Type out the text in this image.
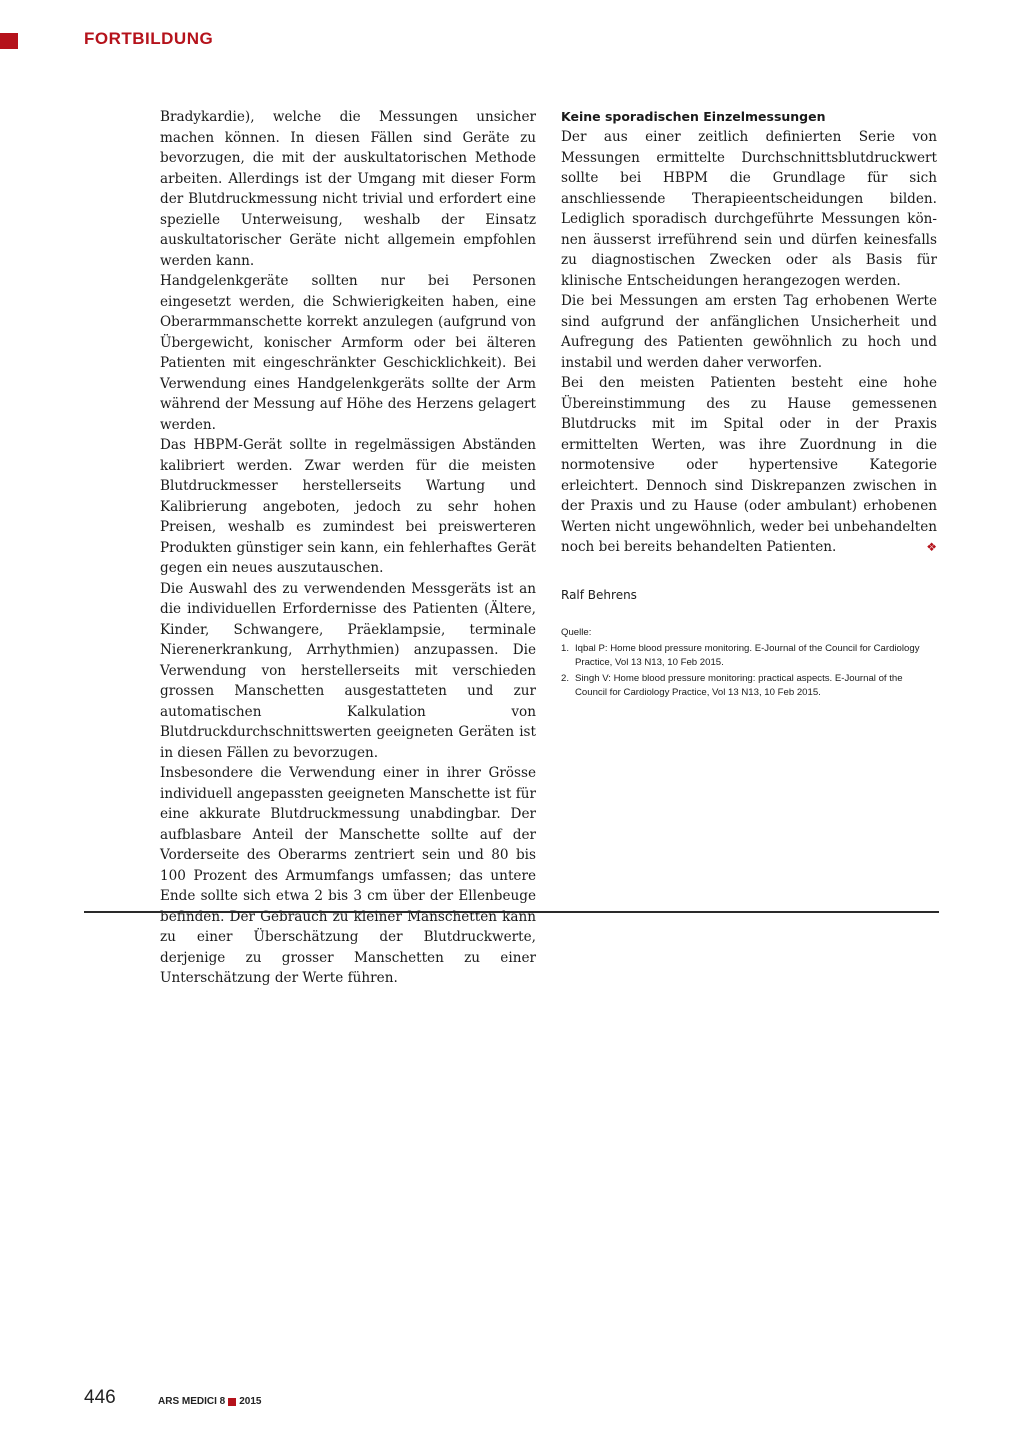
FORTBILDUNG

Bradykardie), welche die Messungen unsicher machen können. In diesen Fällen sind Geräte zu bevorzugen, die mit der auskultatorischen Methode arbeiten. Allerdings ist der Umgang mit dieser Form der Blutdruckmessung nicht trivial und erfordert eine spezielle Unterweisung, weshalb der Einsatz auskultatorischer Geräte nicht allgemein empfohlen werden kann.

Handgelenkgeräte sollten nur bei Personen eingesetzt werden, die Schwierigkeiten haben, eine Oberarmmanschette korrekt anzulegen (aufgrund von Übergewicht, konischer Armform oder bei älteren Patienten mit eingeschränkter Geschicklichkeit). Bei Verwendung eines Handgelenkgeräts sollte der Arm während der Messung auf Höhe des Herzens gelagert werden.

Das HBPM-Gerät sollte in regelmässigen Abständen kalibriert werden. Zwar werden für die meisten Blutdruckmesser herstellerseits Wartung und Kalibrierung angeboten, jedoch zu sehr hohen Preisen, weshalb es zumindest bei preiswerteren Produkten günstiger sein kann, ein fehlerhaftes Gerät gegen ein neues auszutauschen.

Die Auswahl des zu verwendenden Messgeräts ist an die individuellen Erfordernisse des Patienten (Ältere, Kinder, Schwangere, Präeklampsie, terminale Nierenerkrankung, Arrhythmien) anzupassen. Die Verwendung von herstellerseits mit verschieden grossen Manschetten ausgestatteten und zur automatischen Kalkulation von Blutdruckdurchschnittswerten geeigneten Geräten ist in diesen Fällen zu bevorzugen.

Insbesondere die Verwendung einer in ihrer Grösse individuell angepassten geeigneten Manschette ist für eine akkurate Blutdruckmessung unabdingbar. Der aufblasbare Anteil der Manschette sollte auf der Vorderseite des Oberarms zentriert sein und 80 bis 100 Prozent des Armumfangs umfassen; das untere Ende sollte sich etwa 2 bis 3 cm über der Ellenbeuge befinden. Der Gebrauch zu kleiner Manschetten kann zu einer Überschätzung der Blutdruckwerte, derjenige zu grosser Manschetten zu einer Unterschätzung der Werte führen.

Keine sporadischen Einzelmessungen

Der aus einer zeitlich definierten Serie von Messungen ermittelte Durchschnittsblutdruckwert sollte bei HBPM die Grundlage für sich anschliessende Therapieentscheidungen bilden. Lediglich sporadisch durchgeführte Messungen können äusserst irreführend sein und dürfen keinesfalls zu diagnostischen Zwecken oder als Basis für klinische Entscheidungen herangezogen werden.

Die bei Messungen am ersten Tag erhobenen Werte sind aufgrund der anfänglichen Unsicherheit und Aufregung des Patienten gewöhnlich zu hoch und instabil und werden daher verworfen.

Bei den meisten Patienten besteht eine hohe Übereinstimmung des zu Hause gemessenen Blutdrucks mit im Spital oder in der Praxis ermittelten Werten, was ihre Zuordnung in die normotensive oder hypertensive Kategorie erleichtert. Dennoch sind Diskrepanzen zwischen in der Praxis und zu Hause (oder ambulant) erhobenen Werten nicht ungewöhnlich, weder bei unbehandelten noch bei bereits behandelten Patienten.	❖

Ralf Behrens
Quelle:
1. Iqbal P: Home blood pressure monitoring. E-Journal of the Council for Cardiology Practice, Vol 13 N13, 10 Feb 2015.
2. Singh V: Home blood pressure monitoring: practical aspects. E-Journal of the Council for Cardiology Practice, Vol 13 N13, 10 Feb 2015.
446	ARS MEDICI 8 2015
